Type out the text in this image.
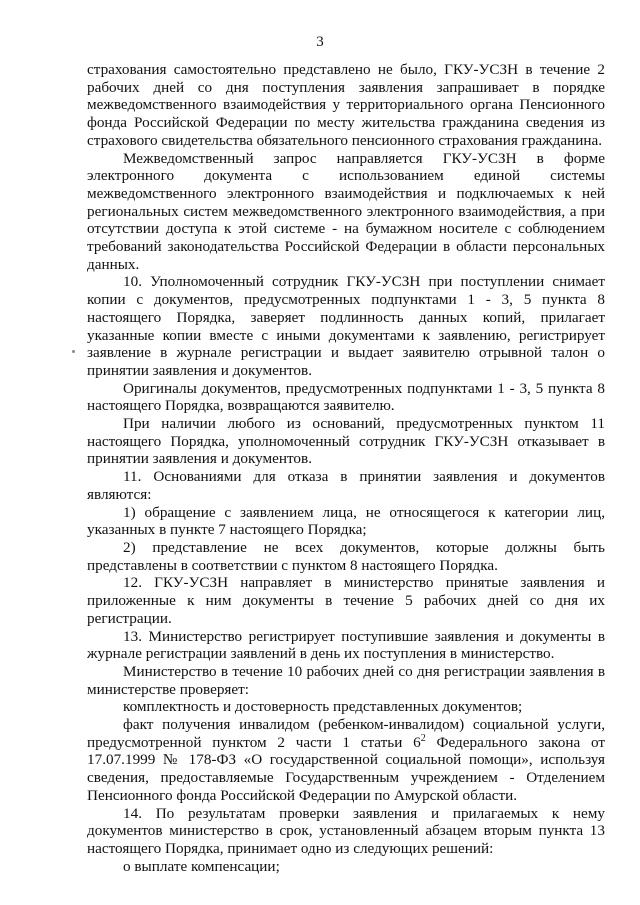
3

страхования самостоятельно представлено не было, ГКУ-УСЗН в течение 2 рабочих дней со дня поступления заявления запрашивает в порядке межведомственного взаимодействия у территориального органа Пенсионного фонда Российской Федерации по месту жительства гражданина сведения из страхового свидетельства обязательного пенсионного страхования гражданина.

Межведомственный запрос направляется ГКУ-УСЗН в форме электронного документа с использованием единой системы межведомственного электронного взаимодействия и подключаемых к ней региональных систем межведомственного электронного взаимодействия, а при отсутствии доступа к этой системе - на бумажном носителе с соблюдением требований законодательства Российской Федерации в области персональных данных.

10. Уполномоченный сотрудник ГКУ-УСЗН при поступлении снимает копии с документов, предусмотренных подпунктами 1 - 3, 5 пункта 8 настоящего Порядка, заверяет подлинность данных копий, прилагает указанные копии вместе с иными документами к заявлению, регистрирует заявление в журнале регистрации и выдает заявителю отрывной талон о принятии заявления и документов.

Оригиналы документов, предусмотренных подпунктами 1 - 3, 5 пункта 8 настоящего Порядка, возвращаются заявителю.

При наличии любого из оснований, предусмотренных пунктом 11 настоящего Порядка, уполномоченный сотрудник ГКУ-УСЗН отказывает в принятии заявления и документов.

11. Основаниями для отказа в принятии заявления и документов являются:

1) обращение с заявлением лица, не относящегося к категории лиц, указанных в пункте 7 настоящего Порядка;

2) представление не всех документов, которые должны быть представлены в соответствии с пунктом 8 настоящего Порядка.

12. ГКУ-УСЗН направляет в министерство принятые заявления и приложенные к ним документы в течение 5 рабочих дней со дня их регистрации.

13. Министерство регистрирует поступившие заявления и документы в журнале регистрации заявлений в день их поступления в министерство.

Министерство в течение 10 рабочих дней со дня регистрации заявления в министерстве проверяет:

комплектность и достоверность представленных документов;

факт получения инвалидом (ребенком-инвалидом) социальной услуги, предусмотренной пунктом 2 части 1 статьи $6^2$ Федерального закона от 17.07.1999 № 178-ФЗ «О государственной социальной помощи», используя сведения, предоставляемые Государственным учреждением - Отделением Пенсионного фонда Российской Федерации по Амурской области.

14. По результатам проверки заявления и прилагаемых к нему документов министерство в срок, установленный абзацем вторым пункта 13 настоящего Порядка, принимает одно из следующих решений:

о выплате компенсации;
